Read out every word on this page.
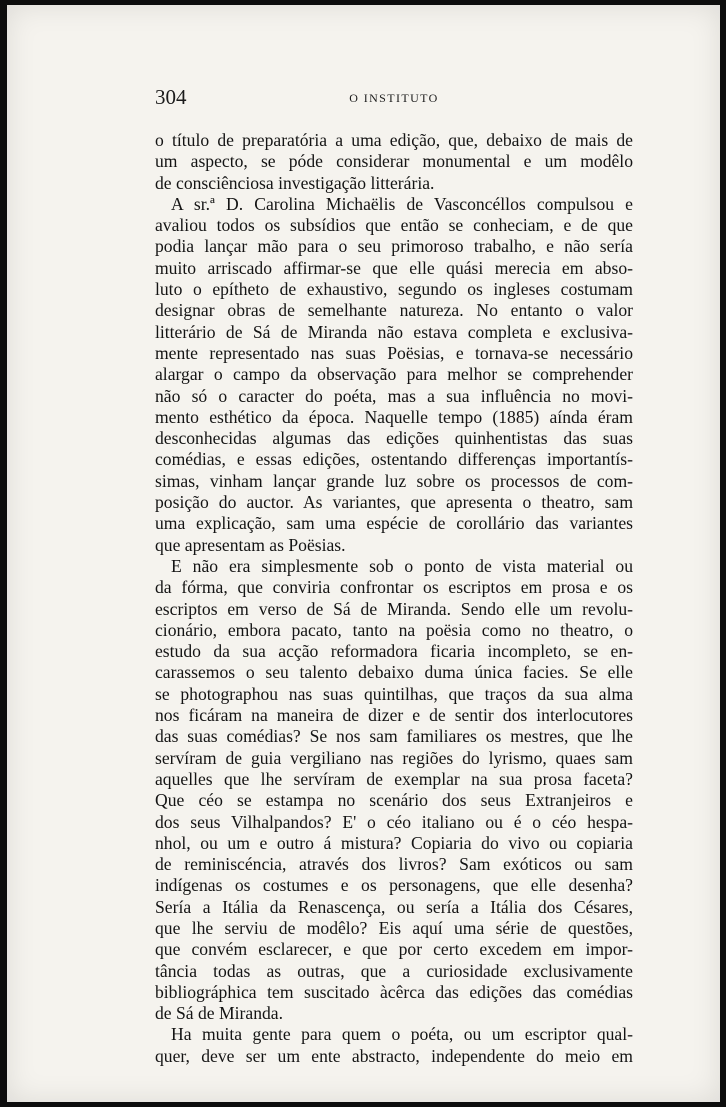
304	O INSTITUTO

o título de preparatória a uma edição, que, debaixo de mais de

um aspecto, se póde considerar monumental e um modêlo

de consciênciosa investigação litterária.

A sr.ª D. Carolina Michaëlis de Vasconcéllos compulsou e

avaliou todos os subsídios que então se conheciam, e de que

podia lançar mão para o seu primoroso trabalho, e não sería

muito arriscado affirmar-se que elle quási merecia em abso-

luto o epítheto de exhaustivo, segundo os ingleses costumam

designar obras de semelhante natureza. No entanto o valor

litterário de Sá de Miranda não estava completa e exclusiva-

mente representado nas suas Poësias, e tornava-se necessário

alargar o campo da observação para melhor se comprehender

não só o caracter do poéta, mas a sua influência no movi-

mento esthético da época. Naquelle tempo (1885) aínda éram

desconhecidas algumas das edições quinhentistas das suas

comédias, e essas edições, ostentando differenças importantís-

simas, vinham lançar grande luz sobre os processos de com-

posição do auctor. As variantes, que apresenta o theatro, sam

uma explicação, sam uma espécie de corollário das variantes

que apresentam as Poësias.

E não era simplesmente sob o ponto de vista material ou

da fórma, que conviria confrontar os escriptos em prosa e os

escriptos em verso de Sá de Miranda. Sendo elle um revolu-

cionário, embora pacato, tanto na poësia como no theatro, o

estudo da sua acção reformadora ficaria incompleto, se en-

carassemos o seu talento debaixo duma única facies. Se elle

se photographou nas suas quintilhas, que traços da sua alma

nos ficáram na maneira de dizer e de sentir dos interlocutores

das suas comédias? Se nos sam familiares os mestres, que lhe

servíram de guia vergiliano nas regiões do lyrismo, quaes sam

aquelles que lhe servíram de exemplar na sua prosa faceta?

Que céo se estampa no scenário dos seus Extranjeiros e

dos seus Vilhalpandos? E' o céo italiano ou é o céo hespa-

nhol, ou um e outro á mistura? Copiaria do vivo ou copiaria

de reminiscéncia, através dos livros? Sam exóticos ou sam

indígenas os costumes e os personagens, que elle desenha?

Sería a Itália da Renascença, ou sería a Itália dos Césares,

que lhe serviu de modêlo? Eis aquí uma série de questões,

que convém esclarecer, e que por certo excedem em impor-

tância todas as outras, que a curiosidade exclusivamente

bibliográphica tem suscitado àcêrca das edições das comédias

de Sá de Miranda.

Ha muita gente para quem o poéta, ou um escriptor qual-

quer, deve ser um ente abstracto, independente do meio em
